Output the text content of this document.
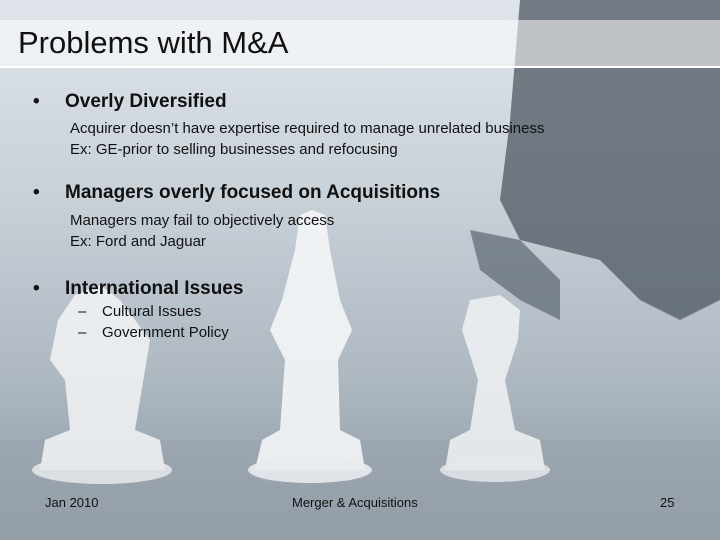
Problems with M&A
• Overly Diversified
Acquirer doesn’t have expertise required to manage unrelated business
Ex: GE-prior to selling businesses and refocusing
• Managers overly focused on Acquisitions
Managers may fail to objectively access
Ex: Ford and Jaguar
• International Issues
– Cultural Issues
– Government Policy
Jan 2010	Merger & Acquisitions	25
